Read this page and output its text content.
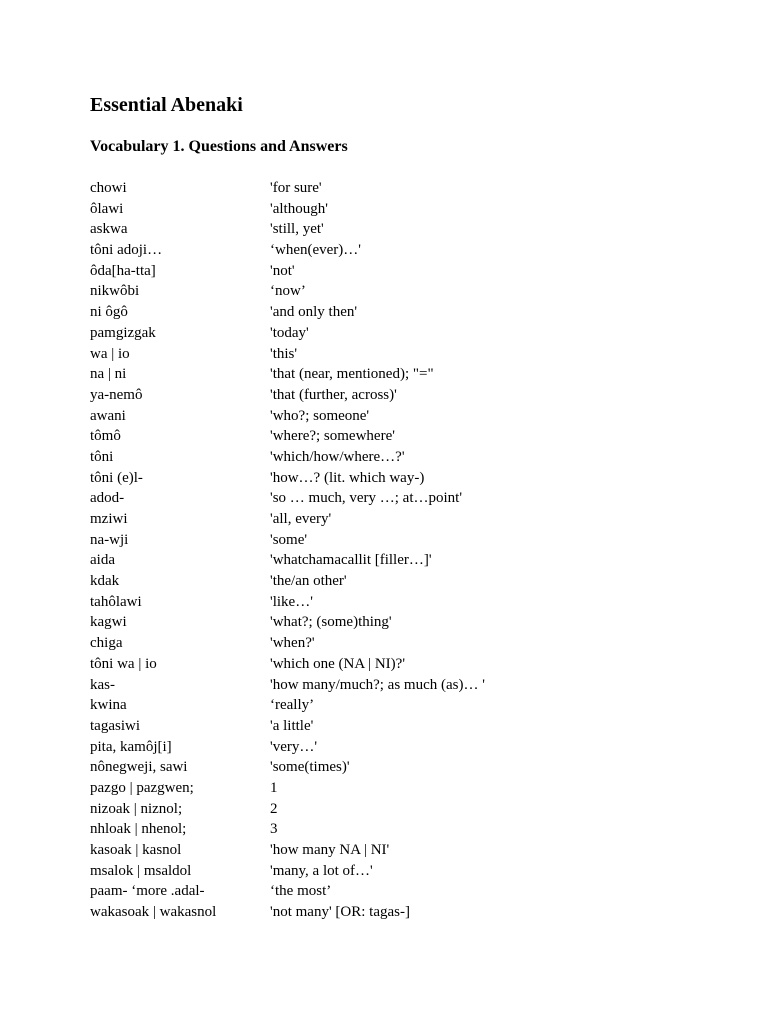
Essential Abenaki
Vocabulary 1. Questions and Answers
chowi	'for sure'
ôlawi	'although'
askwa	'still, yet'
tôni adoji…	‘when(ever)…'
ôda[ha-tta]	'not'
nikwôbi	‘now’
ni ôgô	'and only then'
pamgizgak	'today'
wa | io	'this'
na | ni	'that (near, mentioned); "="
ya-nemô	'that (further, across)'
awani	'who?; someone'
tômô	'where?; somewhere'
tôni	'which/how/where…?'
tôni (e)l-	'how…? (lit. which way-)
adod-	'so … much, very …; at…point'
mziwi	'all, every'
na-wji	'some'
aida	'whatchamacallit [filler…]'
kdak	'the/an other'
tahôlawi	'like…'
kagwi	'what?; (some)thing'
chiga	'when?'
tôni wa | io	'which one (NA | NI)?'
kas-	'how many/much?; as much (as)… '
kwina	‘really’
tagasiwi	'a little'
pita, kamôj[i]	'very…'
nônegweji, sawi	'some(times)'
pazgo | pazgwen;	1
nizoak | niznol;	2
nhloak | nhenol;	3
kasoak | kasnol	'how many NA | NI'
msalok | msaldol	'many, a lot of…'
paam- ‘more .adal-	‘the most’
wakasoak | wakasnol	'not many' [OR: tagas-]
